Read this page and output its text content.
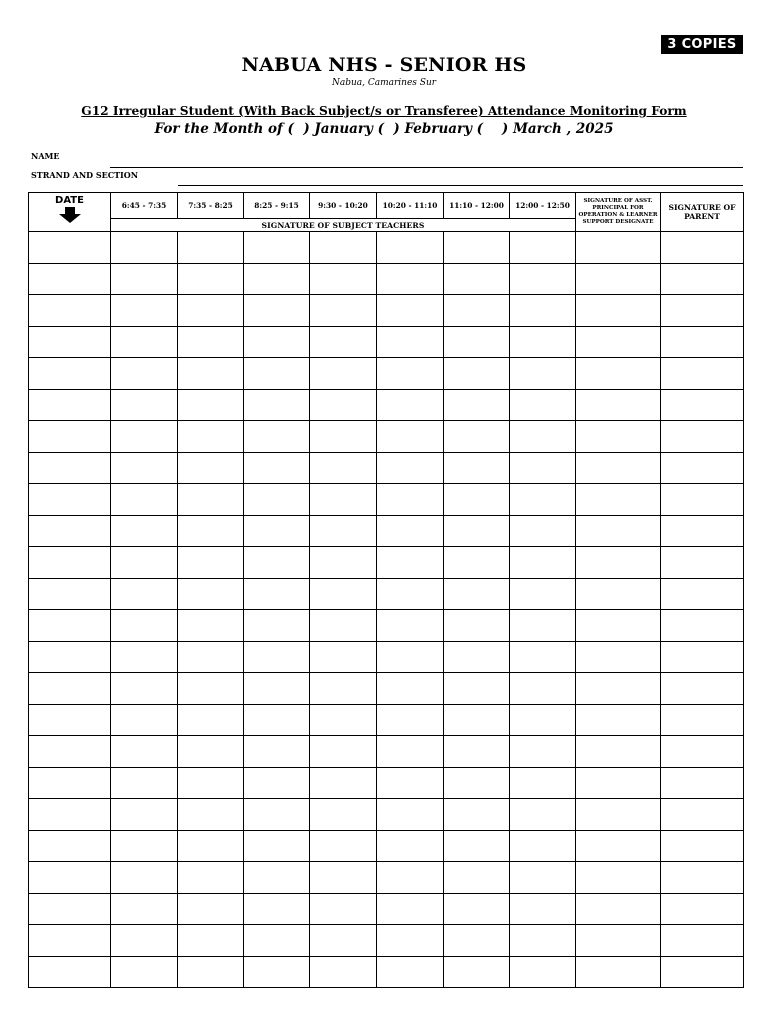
3 COPIES
NABUA NHS - SENIOR HS
Nabua, Camarines Sur
G12 Irregular Student (With Back Subject/s or Transferee) Attendance Monitoring Form
For the Month of (  ) January (  ) February (    ) March , 2025
NAME
STRAND AND SECTION
DATE	6:45 - 7:35	7:35 - 8:25	8:25 - 9:15	9:30 - 10:20	10:20 - 11:10	11:10 - 12:00	12:00 - 12:50	SIGNATURE OF ASST. PRINCIPAL FOR OPERATION & LEARNER SUPPORT DESIGNATE	SIGNATURE OF PARENT
	SIGNATURE OF SUBJECT TEACHERS								
